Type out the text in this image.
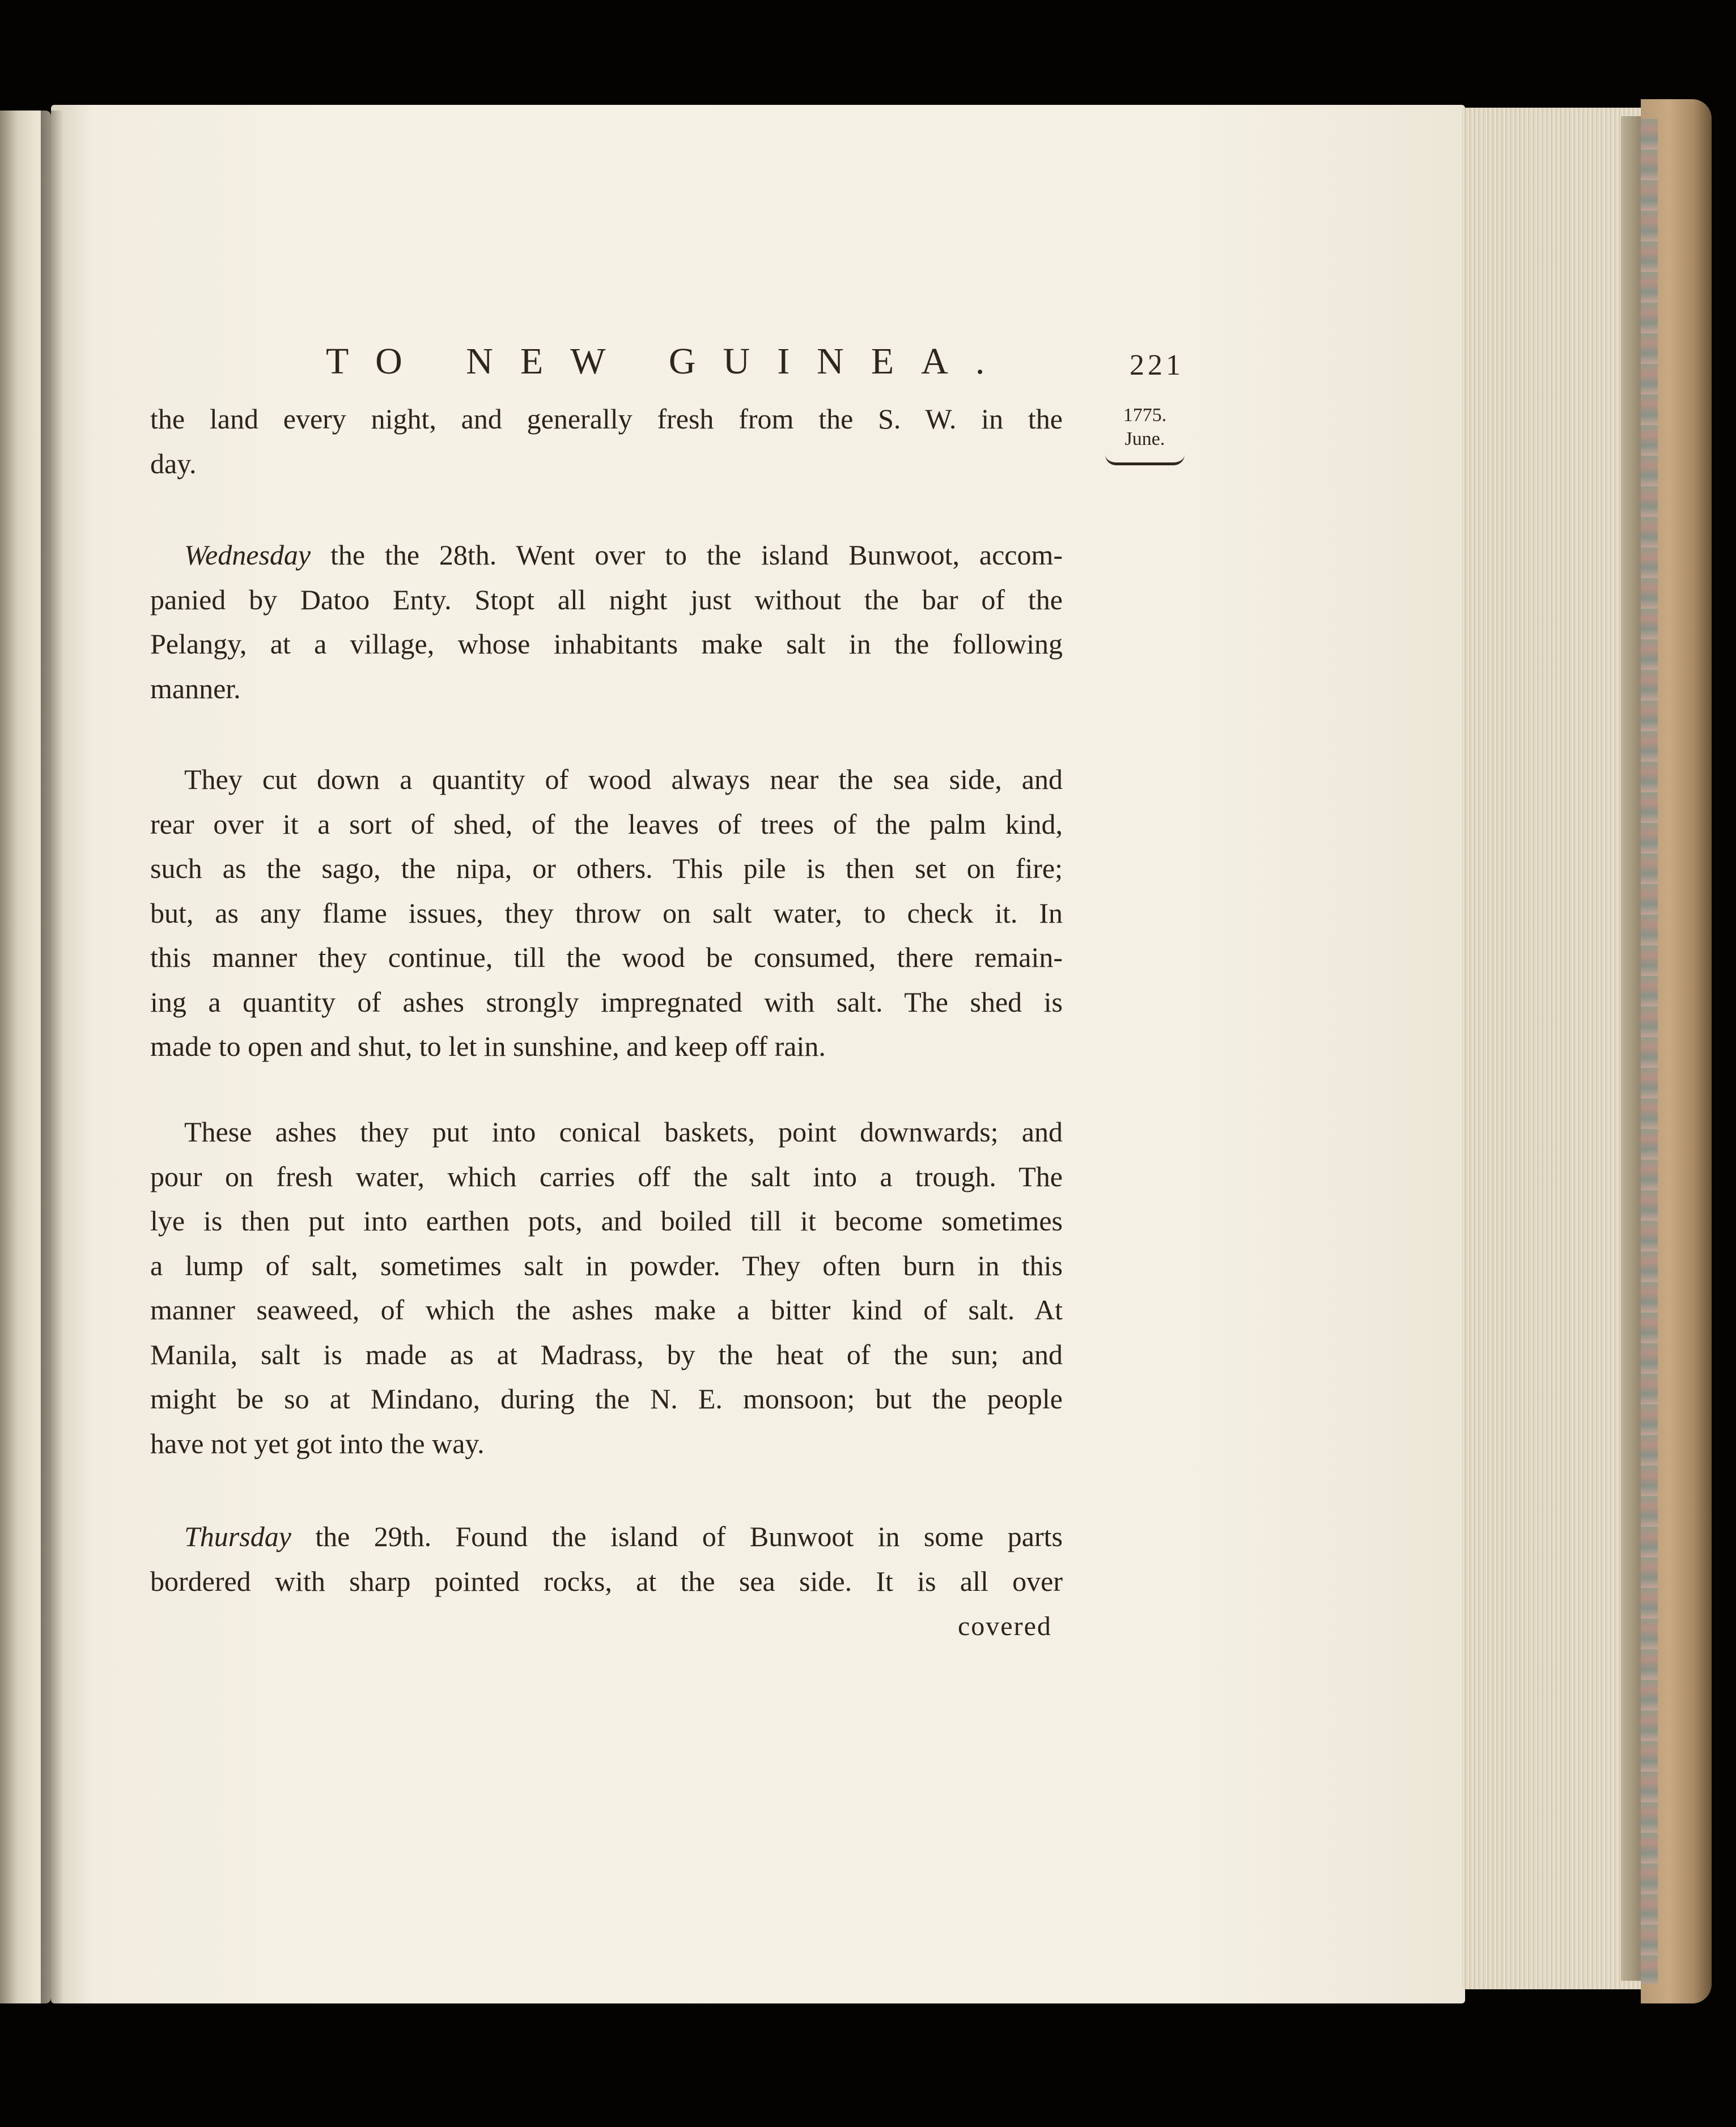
TO NEW GUINEA.	221
1775.
June.

the land every night, and generally fresh from the S. W. in the
day.

Wednesday the the 28th. Went over to the island Bunwoot, accom-
panied by Datoo Enty. Stopt all night just without the bar of the
Pelangy, at a village, whose inhabitants make salt in the following
manner.

They cut down a quantity of wood always near the sea side, and
rear over it a sort of shed, of the leaves of trees of the palm kind,
such as the sago, the nipa, or others. This pile is then set on fire;
but, as any flame issues, they throw on salt water, to check it. In
this manner they continue, till the wood be consumed, there remain-
ing a quantity of ashes strongly impregnated with salt. The shed is
made to open and shut, to let in sunshine, and keep off rain.

These ashes they put into conical baskets, point downwards; and
pour on fresh water, which carries off the salt into a trough. The
lye is then put into earthen pots, and boiled till it become sometimes
a lump of salt, sometimes salt in powder. They often burn in this
manner seaweed, of which the ashes make a bitter kind of salt. At
Manila, salt is made as at Madrass, by the heat of the sun; and
might be so at Mindano, during the N. E. monsoon; but the people
have not yet got into the way.

Thursday the 29th. Found the island of Bunwoot in some parts
bordered with sharp pointed rocks, at the sea side. It is all over

covered
